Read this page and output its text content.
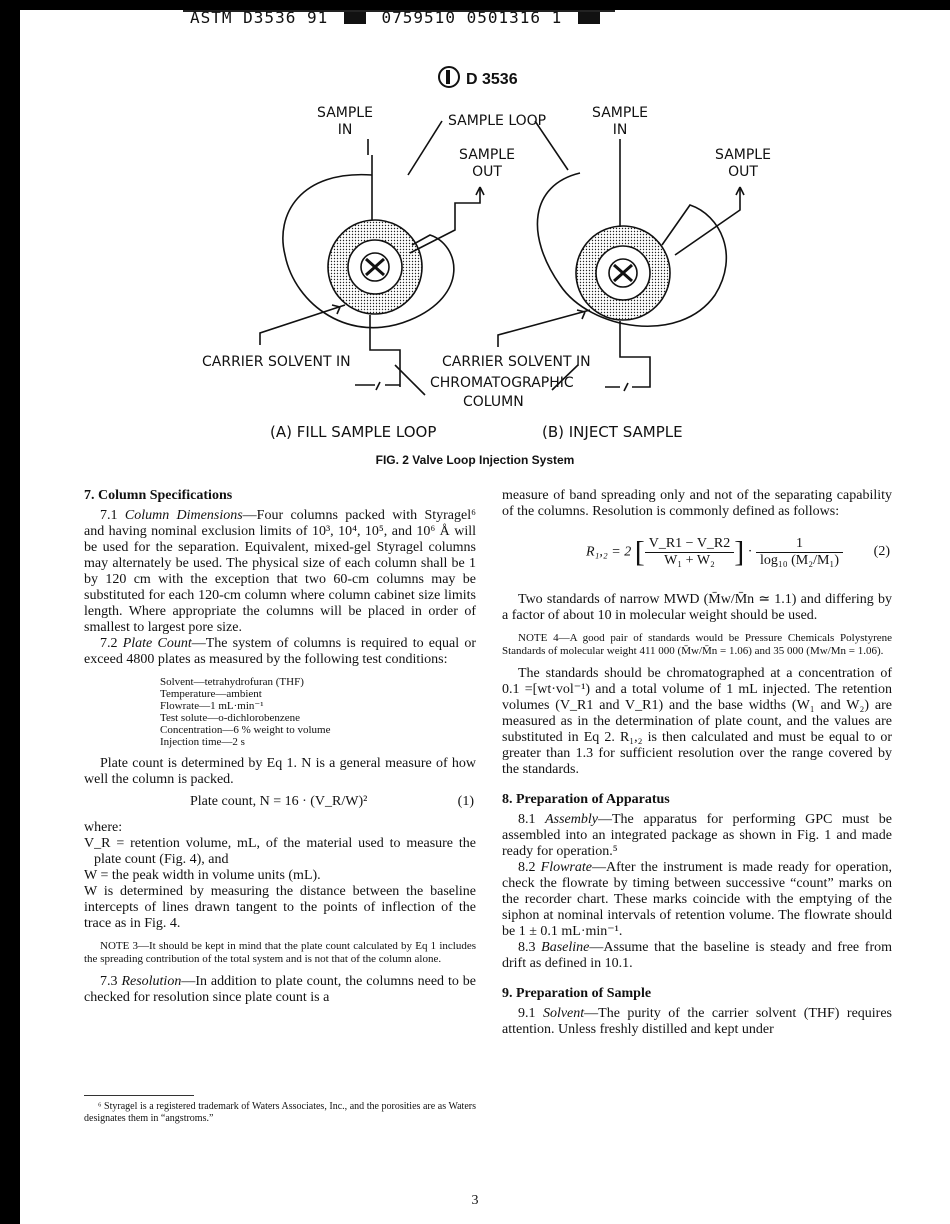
ASTM D3536 91	0759510 0501316 1
D 3536
SAMPLE IN
SAMPLE LOOP	SAMPLE IN
SAMPLE OUT
SAMPLE OUT
CARRIER SOLVENT IN	CARRIER SOLVENT IN
CHROMATOGRAPHIC
COLUMN
(A) FILL SAMPLE LOOP	(B) INJECT SAMPLE
FIG. 2 Valve Loop Injection System
7. Column Specifications

7.1 Column Dimensions—Four columns packed with Styragel⁶ and having nominal exclusion limits of 10³, 10⁴, 10⁵, and 10⁶ Å will be used for the separation. Equivalent, mixed-gel Styragel columns may alternately be used. The physical size of each column shall be 1 by 120 cm with the exception that two 60-cm columns may be substituted for each 120-cm column where column cabinet size limits length. Where appropriate the columns will be placed in order of smallest to largest pore size.

7.2 Plate Count—The system of columns is required to equal or exceed 4800 plates as measured by the following test conditions:

Solvent—tetrahydrofuran (THF)
Temperature—ambient
Flowrate—1 mL·min⁻¹
Test solute—o-dichlorobenzene
Concentration—6 % weight to volume
Injection time—2 s

Plate count is determined by Eq 1. N is a general measure of how well the column is packed.

Plate count, N = 16 · (V_R/W)²	(1)
where:
V_R = retention volume, mL, of the material used to measure the plate count (Fig. 4), and
W = the peak width in volume units (mL).
W is determined by measuring the distance between the baseline intercepts of lines drawn tangent to the points of inflection of the trace as in Fig. 4.
NOTE 3—It should be kept in mind that the plate count calculated by Eq 1 includes the spreading contribution of the total system and is not that of the column alone.

7.3 Resolution—In addition to plate count, the columns need to be checked for resolution since plate count is a

⁶ Styragel is a registered trademark of Waters Associates, Inc., and the porosities are as Waters designates them in “angstroms.”
measure of band spreading only and not of the separating capability of the columns. Resolution is commonly defined as follows:
R₁,₂ = 2 [ $\frac{V\_R1 - V\_R2}{\text{W₁ + W₂}}$ ] · $\frac{1}{\text{log₁₀ (M₂/M₁)}} (2)$

Two standards of narrow MWD (M̄w/M̄n ≃ 1.1) and differing by a factor of about 10 in molecular weight should be used.

NOTE 4—A good pair of standards would be Pressure Chemicals Polystyrene Standards of molecular weight 411 000 (M̄w/M̄n = 1.06) and 35 000 (Mw/Mn = 1.06).

The standards should be chromatographed at a concentration of 0.1 =[wt·vol⁻¹) and a total volume of 1 mL injected. The retention volumes (V_R1 and V_R1) and the base widths (W₁ and W₂) are measured as in the determination of plate count, and the values are substituted in Eq 2. R₁,₂ is then calculated and must be equal to or greater than 1.3 for sufficient resolution over the range covered by the standards.

8. Preparation of Apparatus

8.1 Assembly—The apparatus for performing GPC must be assembled into an integrated package as shown in Fig. 1 and made ready for operation.⁵

8.2 Flowrate—After the instrument is made ready for operation, check the flowrate by timing between successive “count” marks on the recorder chart. These marks coincide with the emptying of the siphon at nominal intervals of retention volume. The flowrate should be 1 ± 0.1 mL·min⁻¹.

8.3 Baseline—Assume that the baseline is steady and free from drift as defined in 10.1.

9. Preparation of Sample

9.1 Solvent—The purity of the carrier solvent (THF) requires attention. Unless freshly distilled and kept under

3
